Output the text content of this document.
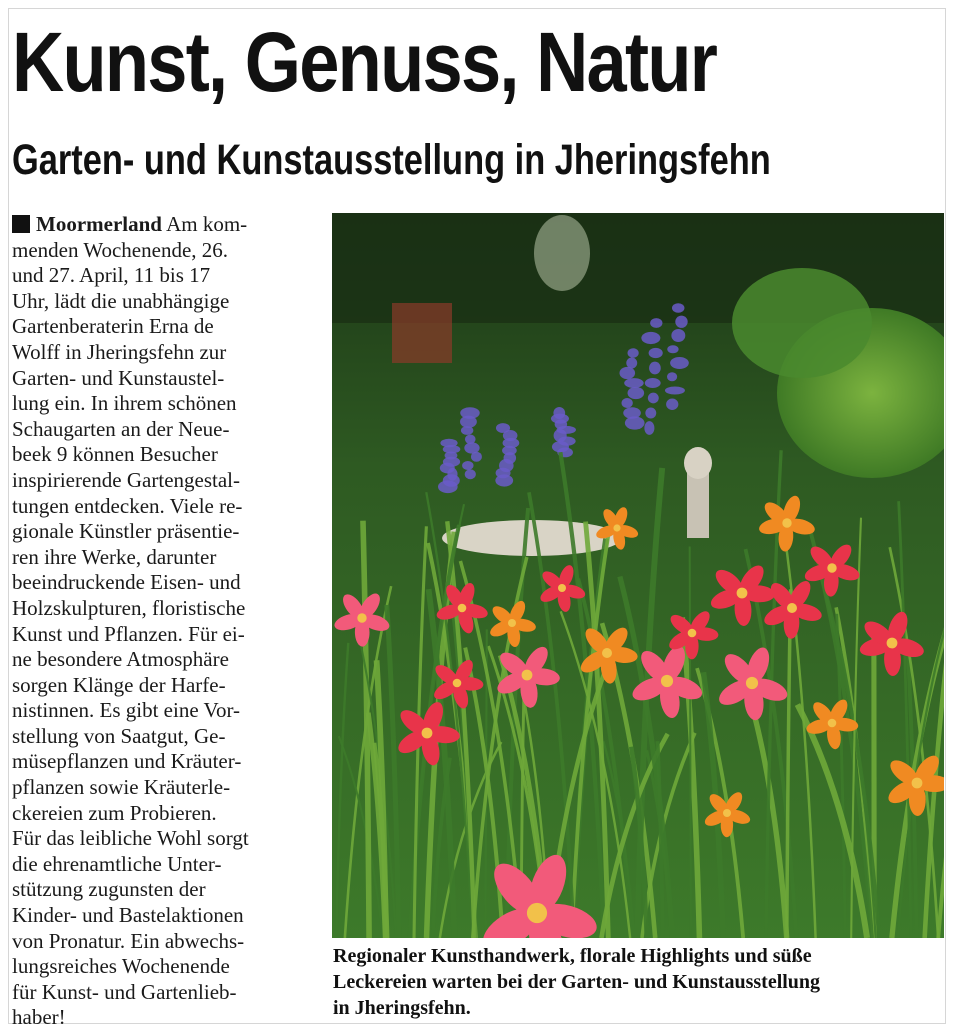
Kunst, Genuss, Natur
Garten- und Kunstausstellung in Jheringsfehn
Moormerland Am kom-
menden Wochenende, 26.
und 27. April, 11 bis 17
Uhr, lädt die unabhängige
Gartenberaterin Erna de
Wolff in Jheringsfehn zur
Garten- und Kunstaustel-
lung ein. In ihrem schönen
Schaugarten an der Neue-
beek 9 können Besucher
inspirierende Gartengestal-
tungen entdecken. Viele re-
gionale Künstler präsentie-
ren ihre Werke, darunter
beeindruckende Eisen- und
Holzskulpturen, floristische
Kunst und Pflanzen. Für ei-
ne besondere Atmosphäre
sorgen Klänge der Harfe-
nistinnen. Es gibt eine Vor-
stellung von Saatgut, Ge-
müsepflanzen und Kräuter-
pflanzen sowie Kräuterle-
ckereien zum Probieren.
Für das leibliche Wohl sorgt
die ehrenamtliche Unter-
stützung zugunsten der
Kinder- und Bastelaktionen
von Pronatur. Ein abwechs-
lungsreiches Wochenende
für Kunst- und Gartenlieb-
haber!
Regionaler Kunsthandwerk, florale Highlights und süße
Leckereien warten bei der Garten- und Kunstausstellung
in Jheringsfehn.
